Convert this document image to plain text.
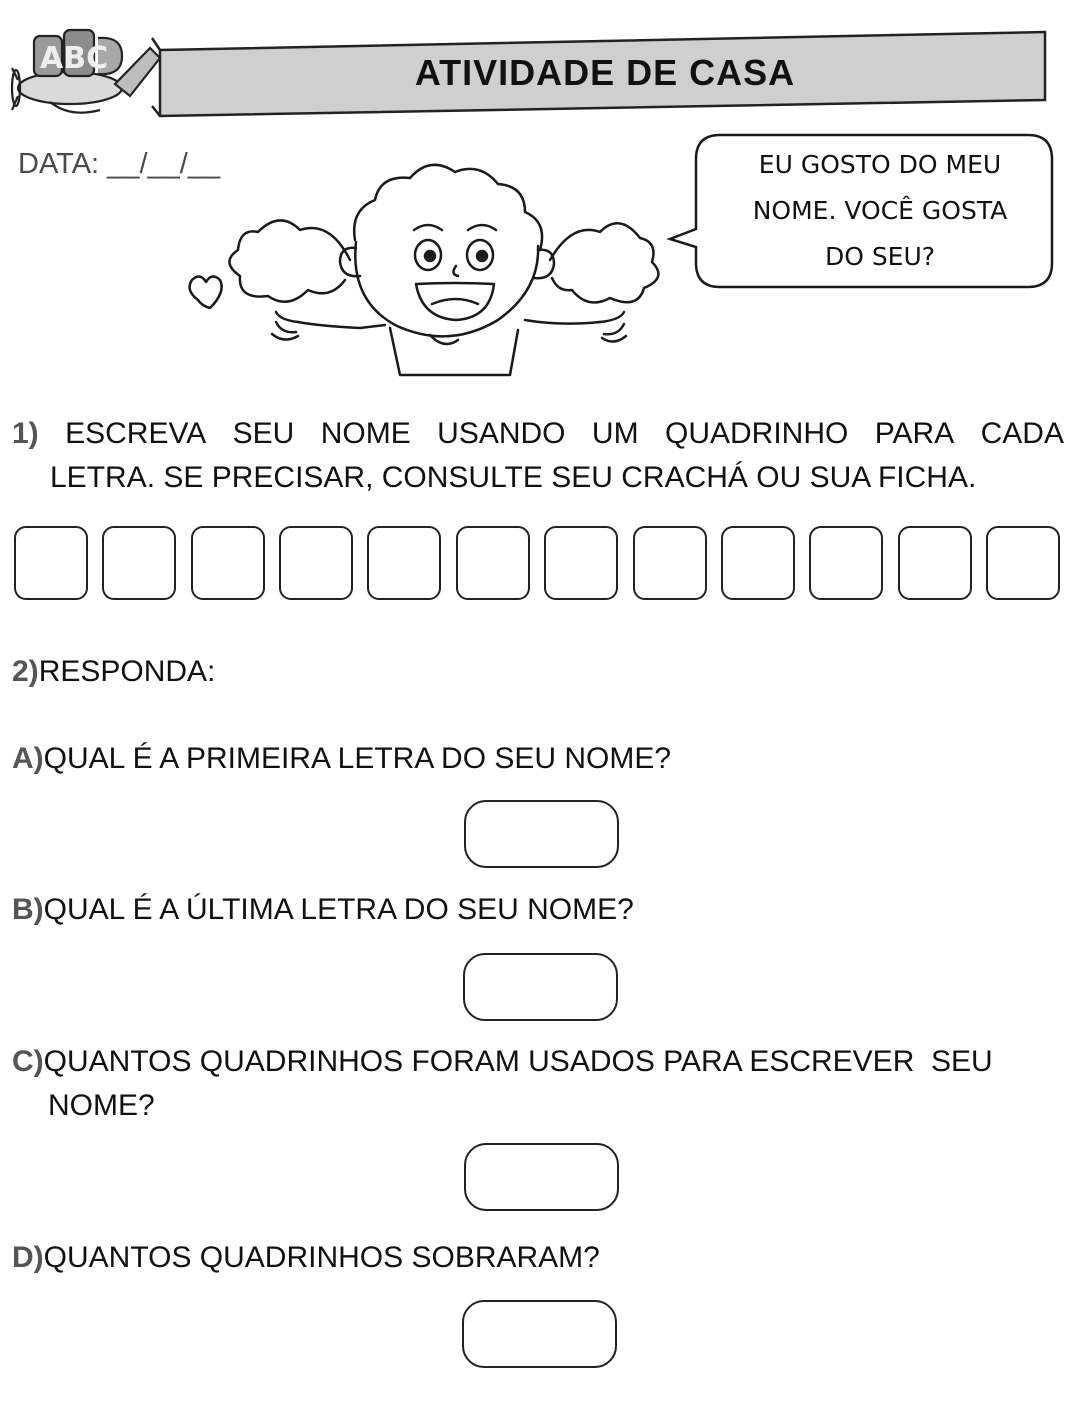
ABC	ATIVIDADE DE CASA
DATA: __/__/__	EU GOSTO DO MEU
NOME. VOCÊ GOSTA
DO SEU?
1) ESCREVA SEU NOME USANDO UM QUADRINHO PARA CADA
LETRA. SE PRECISAR, CONSULTE SEU CRACHÁ OU SUA FICHA.
2)RESPONDA:
A)QUAL É A PRIMEIRA LETRA DO SEU NOME?
B)QUAL É A ÚLTIMA LETRA DO SEU NOME?
C) QUANTOS QUADRINHOS FORAM USADOS PARA ESCREVER  SEU
NOME?
D)QUANTOS QUADRINHOS SOBRARAM?
